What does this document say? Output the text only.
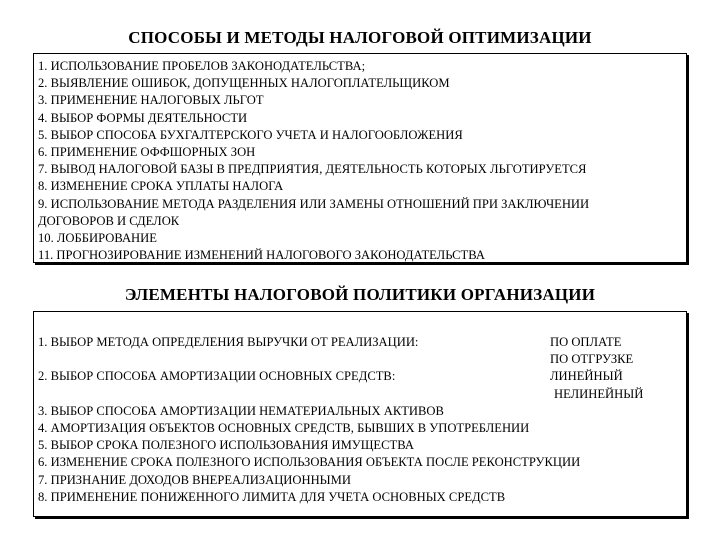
СПОСОБЫ И МЕТОДЫ НАЛОГОВОЙ ОПТИМИЗАЦИИ
1. ИСПОЛЬЗОВАНИЕ ПРОБЕЛОВ ЗАКОНОДАТЕЛЬСТВА;
2. ВЫЯВЛЕНИЕ ОШИБОК, ДОПУЩЕННЫХ НАЛОГОПЛАТЕЛЬЩИКОМ
3. ПРИМЕНЕНИЕ НАЛОГОВЫХ ЛЬГОТ
4. ВЫБОР ФОРМЫ ДЕЯТЕЛЬНОСТИ
5. ВЫБОР СПОСОБА БУХГАЛТЕРСКОГО УЧЕТА И НАЛОГООБЛОЖЕНИЯ
6. ПРИМЕНЕНИЕ ОФФШОРНЫХ ЗОН
7. ВЫВОД НАЛОГОВОЙ БАЗЫ В ПРЕДПРИЯТИЯ, ДЕЯТЕЛЬНОСТЬ КОТОРЫХ ЛЬГОТИРУЕТСЯ
8. ИЗМЕНЕНИЕ СРОКА УПЛАТЫ НАЛОГА
9. ИСПОЛЬЗОВАНИЕ МЕТОДА РАЗДЕЛЕНИЯ ИЛИ ЗАМЕНЫ ОТНОШЕНИЙ ПРИ ЗАКЛЮЧЕНИИ
ДОГОВОРОВ И СДЕЛОК
10. ЛОББИРОВАНИЕ
11. ПРОГНОЗИРОВАНИЕ ИЗМЕНЕНИЙ НАЛОГОВОГО ЗАКОНОДАТЕЛЬСТВА
ЭЛЕМЕНТЫ НАЛОГОВОЙ ПОЛИТИКИ ОРГАНИЗАЦИИ
1. ВЫБОР МЕТОДА ОПРЕДЕЛЕНИЯ ВЫРУЧКИ ОТ РЕАЛИЗАЦИИ:	ПО ОПЛАТЕ
ПО ОТГРУЗКЕ
2. ВЫБОР СПОСОБА АМОРТИЗАЦИИ ОСНОВНЫХ СРЕДСТВ:	ЛИНЕЙНЫЙ
НЕЛИНЕЙНЫЙ
3. ВЫБОР СПОСОБА АМОРТИЗАЦИИ НЕМАТЕРИАЛЬНЫХ АКТИВОВ
4. АМОРТИЗАЦИЯ ОБЪЕКТОВ ОСНОВНЫХ СРЕДСТВ, БЫВШИХ В УПОТРЕБЛЕНИИ
5. ВЫБОР СРОКА ПОЛЕЗНОГО ИСПОЛЬЗОВАНИЯ ИМУЩЕСТВА
6. ИЗМЕНЕНИЕ СРОКА ПОЛЕЗНОГО ИСПОЛЬЗОВАНИЯ ОБЪЕКТА ПОСЛЕ РЕКОНСТРУКЦИИ
7. ПРИЗНАНИЕ ДОХОДОВ ВНЕРЕАЛИЗАЦИОННЫМИ
8. ПРИМЕНЕНИЕ ПОНИЖЕННОГО ЛИМИТА ДЛЯ УЧЕТА ОСНОВНЫХ СРЕДСТВ
